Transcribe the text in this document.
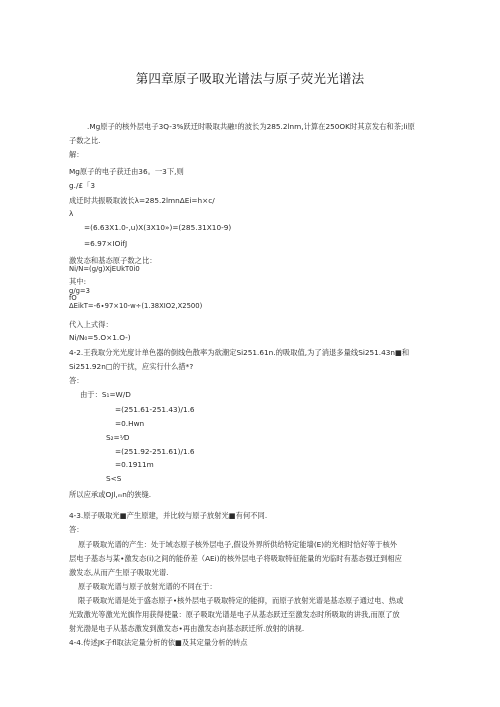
第四章原子吸取光谱法与原子荧光光谱法
.Mg原子的核外层电子3Q-3%跃迁时吸取共融!的波长为285.2lnm,计算在250OK时其京发右和茶;li原
子数之比.
解：
Mg原子的电子获迁由36。一3下,则
g./£「3
成迁时共振吸取波长λ=285.2lmnΔEi=h×c/
λ
=(6.63X1.0-,u)X(3X10»)=(285.31X10-9)
=6.97×IOifJ
激发态和基态原子数之比：
Ni/N=(g/g)XjEUkT0i0
其中:
g/g=3
fO
ΔEikT=-6∙97×10-w÷(1.38XIO2,X2500)
代入上式得：
Ni/N₀=5.O×1.O-)
4-2.王我取分光光度计单色器的倒线色散率为欲潮定Si251.61n.的吸取值,为了消退多量线Si251.43n■和
Si251.92n□的干扰，应实行什么措*?
答：
由于：S₁=W/D
=(251.61-251.43)/1.6
=0.Hwn
S₂=⅟D
=(251.92-251.61)/1.6
=0.1911m
S<S
所以应承或OJl,ₘn的狭缝.
4-3.原子吸取光■产生原建，并比较与原子放射光■有何不同.
答：
原子吸取光谱的产生：处于域态原子核外层电子,假设外界所供给特定能墙(E)的光相时恰好等于核外
层电子基态与某•激发态(i)之间的能侨差（AEi)的核外层电子将吸取特征能量的光临时有基态强迁到相应
激发态,从而产生原子吸取光谱.
原子吸取光谱与原子放射光谱的不同在于：
限子吸取光谱是处于盛态原子•核外层电子吸取特定的能抑，而原子放射光谱是基态原子通过电、热或
光致激光等激光光旗作用获得使量：原子吸取光谱是电子从基态跃迁至激发态时所吸取的讲我,而原了放
射光渤是电子从基态激发到激发态•再由激发态向基态跃迁所.放射的讷视.
4-4.传述JK子fl取法定量分析的依■及其定量分析的转点
